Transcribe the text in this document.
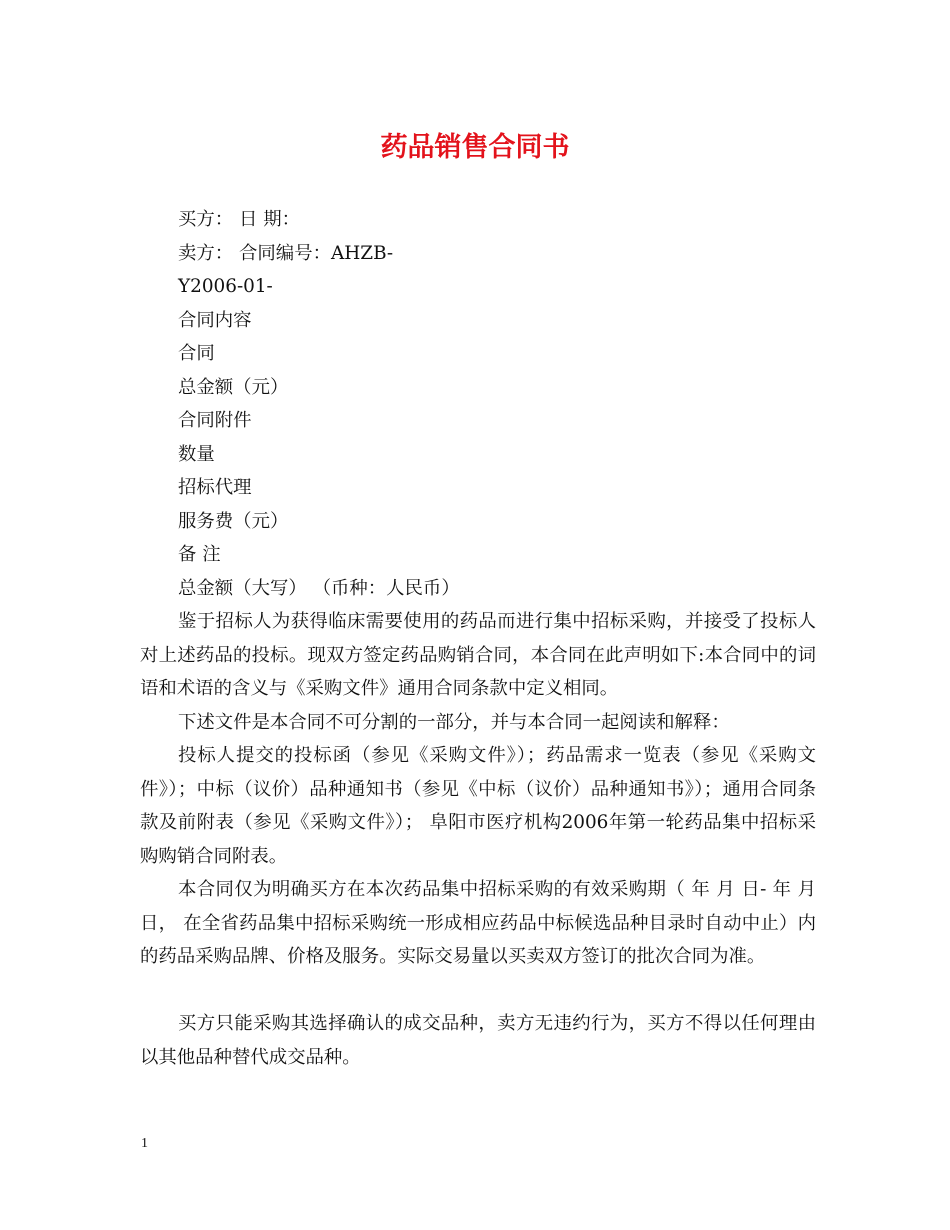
药品销售合同书

买方： 日 期：

卖方： 合同编号：AHZB-

Y2006-01-

合同内容

合同

总金额（元）

合同附件

数量

招标代理

服务费（元）

备 注

总金额（大写） （币种：人民币）

鉴于招标人为获得临床需要使用的药品而进行集中招标采购，并接受了投标人对上述药品的投标。现双方签定药品购销合同，本合同在此声明如下:本合同中的词语和术语的含义与《采购文件》通用合同条款中定义相同。

下述文件是本合同不可分割的一部分，并与本合同一起阅读和解释：

投标人提交的投标函（参见《采购文件》）；药品需求一览表（参见《采购文件》）；中标（议价）品种通知书（参见《中标（议价）品种通知书》）；通用合同条款及前附表（参见《采购文件》）； 阜阳市医疗机构2006年第一轮药品集中招标采购购销合同附表。

本合同仅为明确买方在本次药品集中招标采购的有效采购期（ 年 月 日- 年 月 日， 在全省药品集中招标采购统一形成相应药品中标候选品种目录时自动中止）内的药品采购品牌、价格及服务。实际交易量以买卖双方签订的批次合同为准。

买方只能采购其选择确认的成交品种，卖方无违约行为，买方不得以任何理由以其他品种替代成交品种。

1
